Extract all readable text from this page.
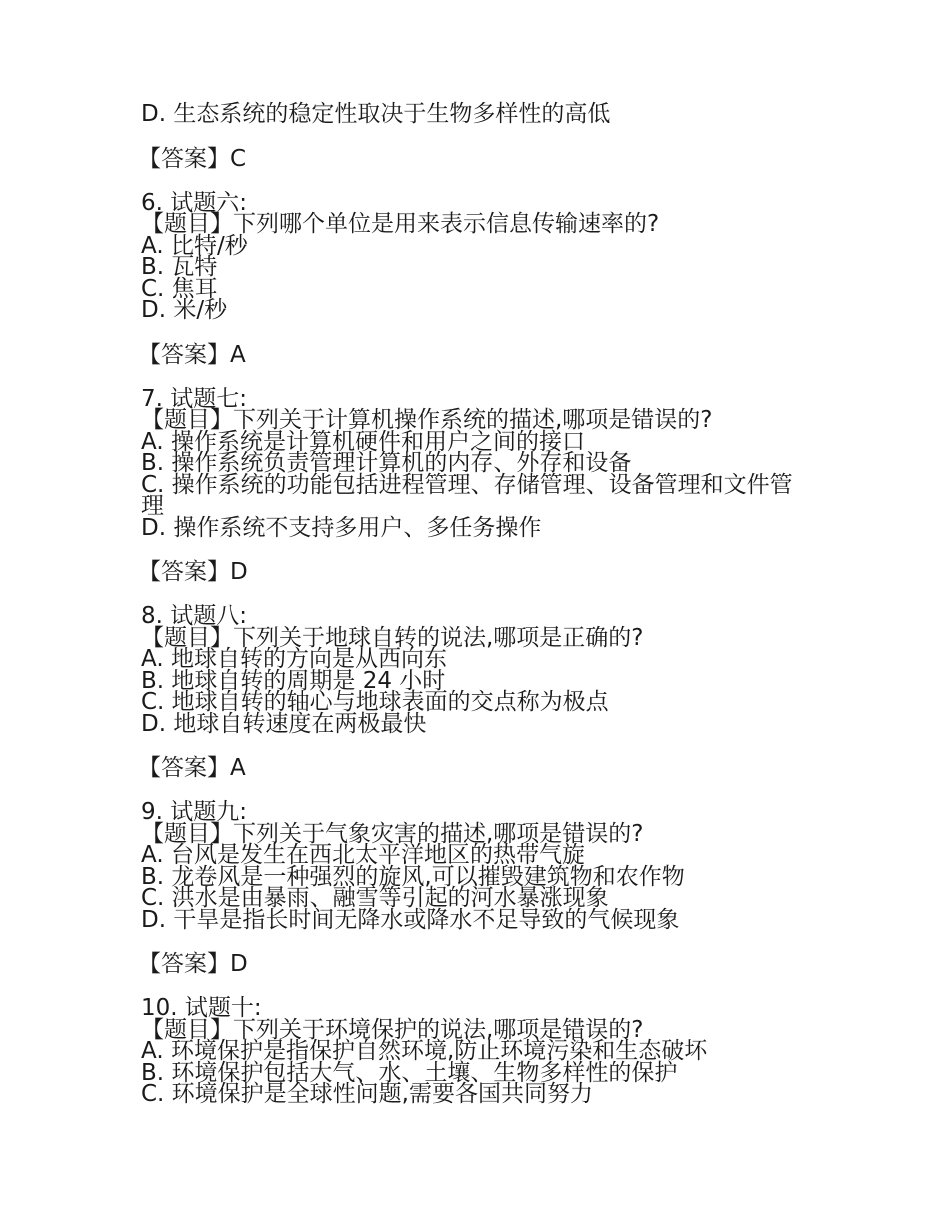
D. 生态系统的稳定性取决于生物多样性的高低
【答案】C
6. 试题六:
【题目】下列哪个单位是用来表示信息传输速率的?
A. 比特/秒
B. 瓦特
C. 焦耳
D. 米/秒
【答案】A
7. 试题七:
【题目】下列关于计算机操作系统的描述,哪项是错误的?
A. 操作系统是计算机硬件和用户之间的接口
B. 操作系统负责管理计算机的内存、外存和设备
C. 操作系统的功能包括进程管理、存储管理、设备管理和文件管理
D. 操作系统不支持多用户、多任务操作
【答案】D
8. 试题八:
【题目】下列关于地球自转的说法,哪项是正确的?
A. 地球自转的方向是从西向东
B. 地球自转的周期是 24 小时
C. 地球自转的轴心与地球表面的交点称为极点
D. 地球自转速度在两极最快
【答案】A
9. 试题九:
【题目】下列关于气象灾害的描述,哪项是错误的?
A. 台风是发生在西北太平洋地区的热带气旋
B. 龙卷风是一种强烈的旋风,可以摧毁建筑物和农作物
C. 洪水是由暴雨、融雪等引起的河水暴涨现象
D. 干旱是指长时间无降水或降水不足导致的气候现象
【答案】D
10. 试题十:
【题目】下列关于环境保护的说法,哪项是错误的?
A. 环境保护是指保护自然环境,防止环境污染和生态破坏
B. 环境保护包括大气、水、土壤、生物多样性的保护
C. 环境保护是全球性问题,需要各国共同努力
